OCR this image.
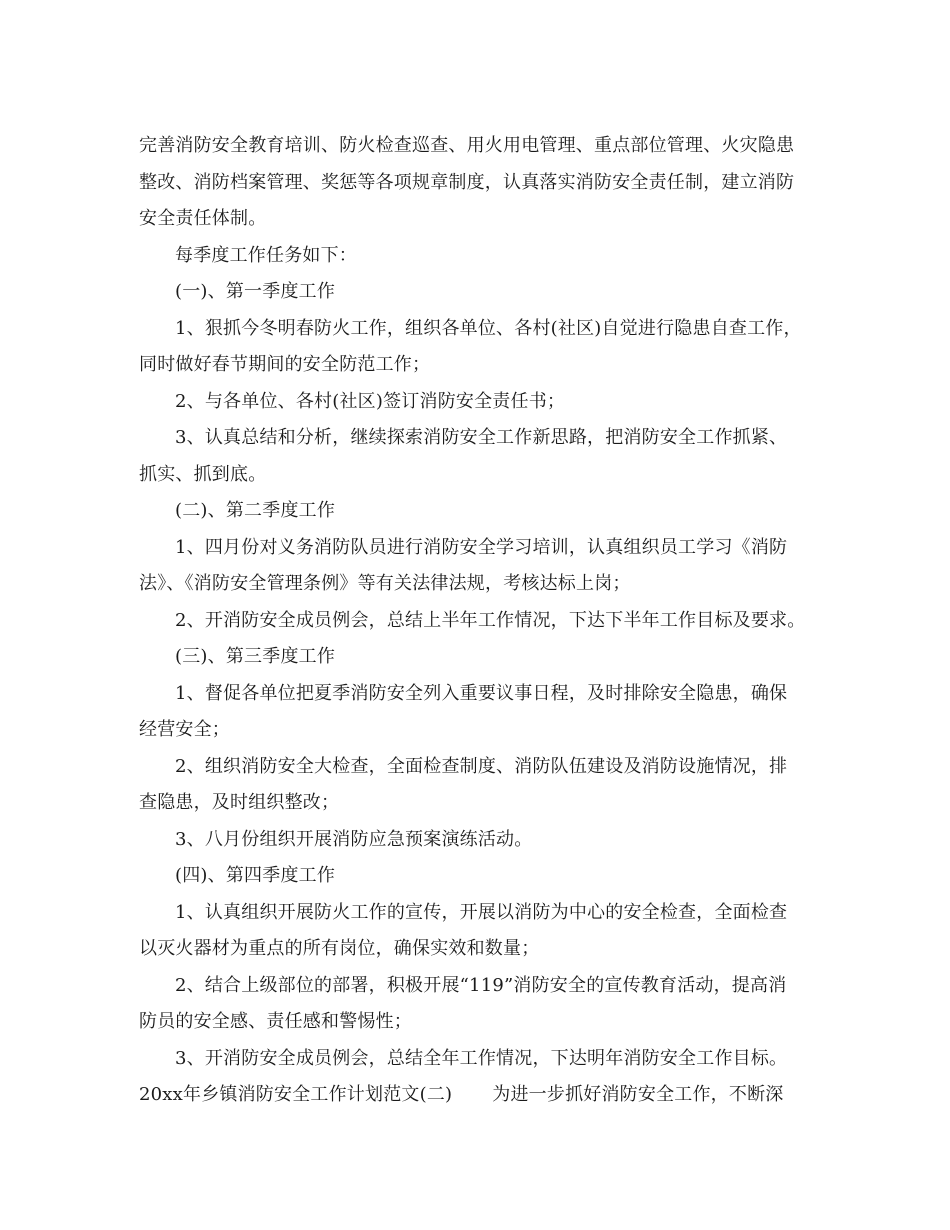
完善消防安全教育培训、防火检查巡查、用火用电管理、重点部位管理、火灾隐患
整改、消防档案管理、奖惩等各项规章制度，认真落实消防安全责任制，建立消防
安全责任体制。
每季度工作任务如下：
(一)、第一季度工作
1、狠抓今冬明春防火工作，组织各单位、各村(社区)自觉进行隐患自查工作，
同时做好春节期间的安全防范工作；
2、与各单位、各村(社区)签订消防安全责任书；
3、认真总结和分析，继续探索消防安全工作新思路，把消防安全工作抓紧、
抓实、抓到底。
(二)、第二季度工作
1、四月份对义务消防队员进行消防安全学习培训，认真组织员工学习《消防
法》、《消防安全管理条例》等有关法律法规，考核达标上岗；
2、开消防安全成员例会，总结上半年工作情况，下达下半年工作目标及要求。
(三)、第三季度工作
1、督促各单位把夏季消防安全列入重要议事日程，及时排除安全隐患，确保
经营安全；
2、组织消防安全大检查，全面检查制度、消防队伍建设及消防设施情况，排
查隐患，及时组织整改；
3、八月份组织开展消防应急预案演练活动。
(四)、第四季度工作
1、认真组织开展防火工作的宣传，开展以消防为中心的安全检查，全面检查
以灭火器材为重点的所有岗位，确保实效和数量；
2、结合上级部位的部署，积极开展“119”消防安全的宣传教育活动，提高消
防员的安全感、责任感和警惕性；
3、开消防安全成员例会，总结全年工作情况，下达明年消防安全工作目标。
20xx年乡镇消防安全工作计划范文(二) 为进一步抓好消防安全工作，不断深
